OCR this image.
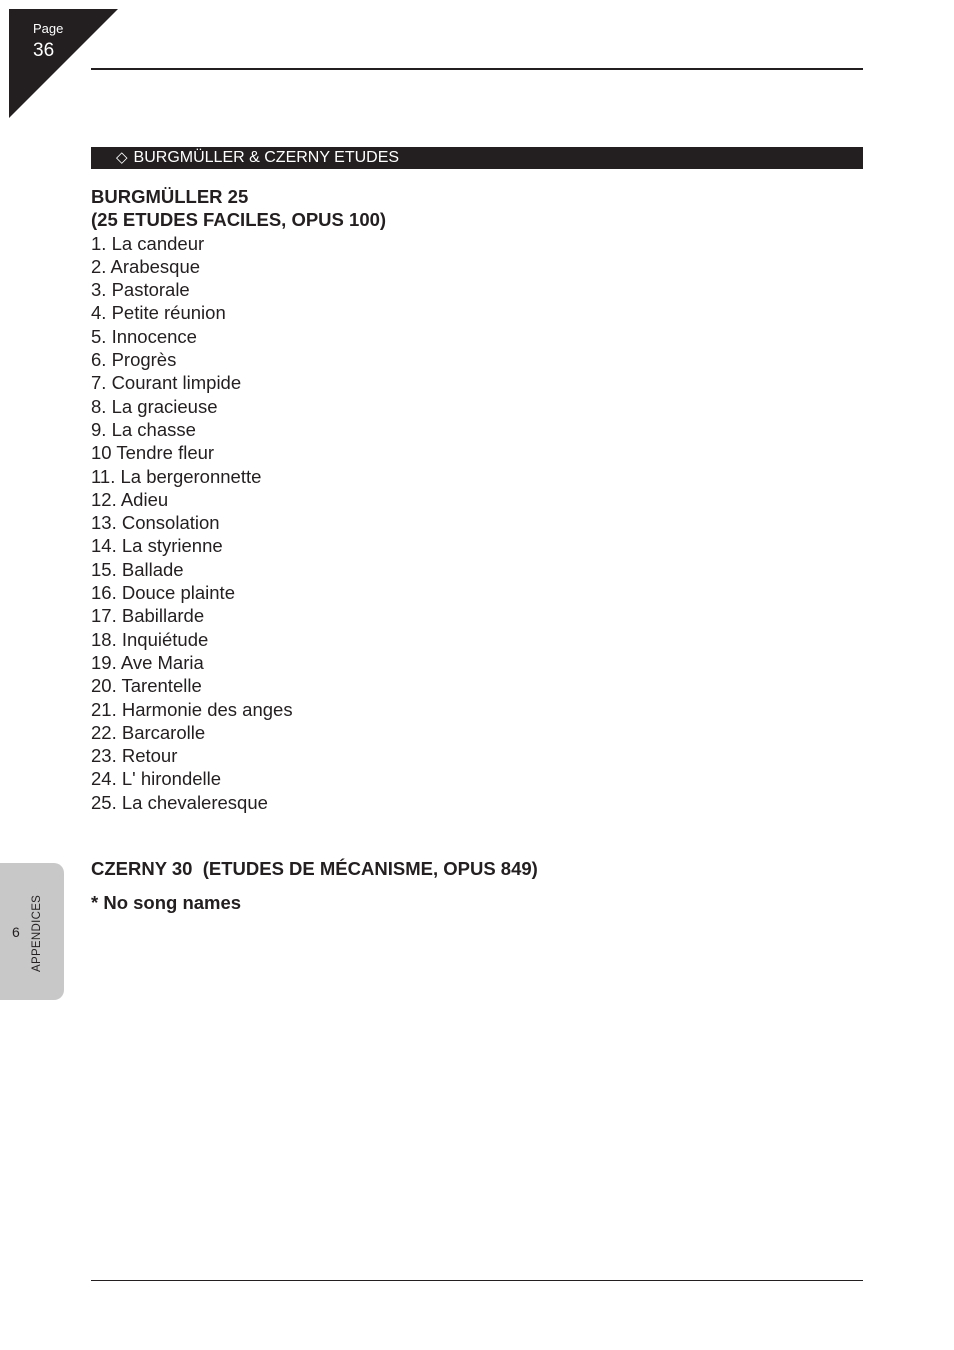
Page
36
◇ BURGMÜLLER & CZERNY ETUDES
BURGMÜLLER 25
(25 ETUDES FACILES, OPUS 100)
1. La candeur
2. Arabesque
3. Pastorale
4. Petite réunion
5. Innocence
6. Progrès
7. Courant limpide
8. La gracieuse
9. La chasse
10 Tendre fleur
11. La bergeronnette
12. Adieu
13. Consolation
14. La styrienne
15. Ballade
16. Douce plainte
17. Babillarde
18. Inquiétude
19. Ave Maria
20. Tarentelle
21. Harmonie des anges
22. Barcarolle
23. Retour
24. L' hirondelle
25. La chevaleresque
CZERNY 30  (ETUDES DE MÉCANISME, OPUS 849)
* No song names
6 APPENDICES
